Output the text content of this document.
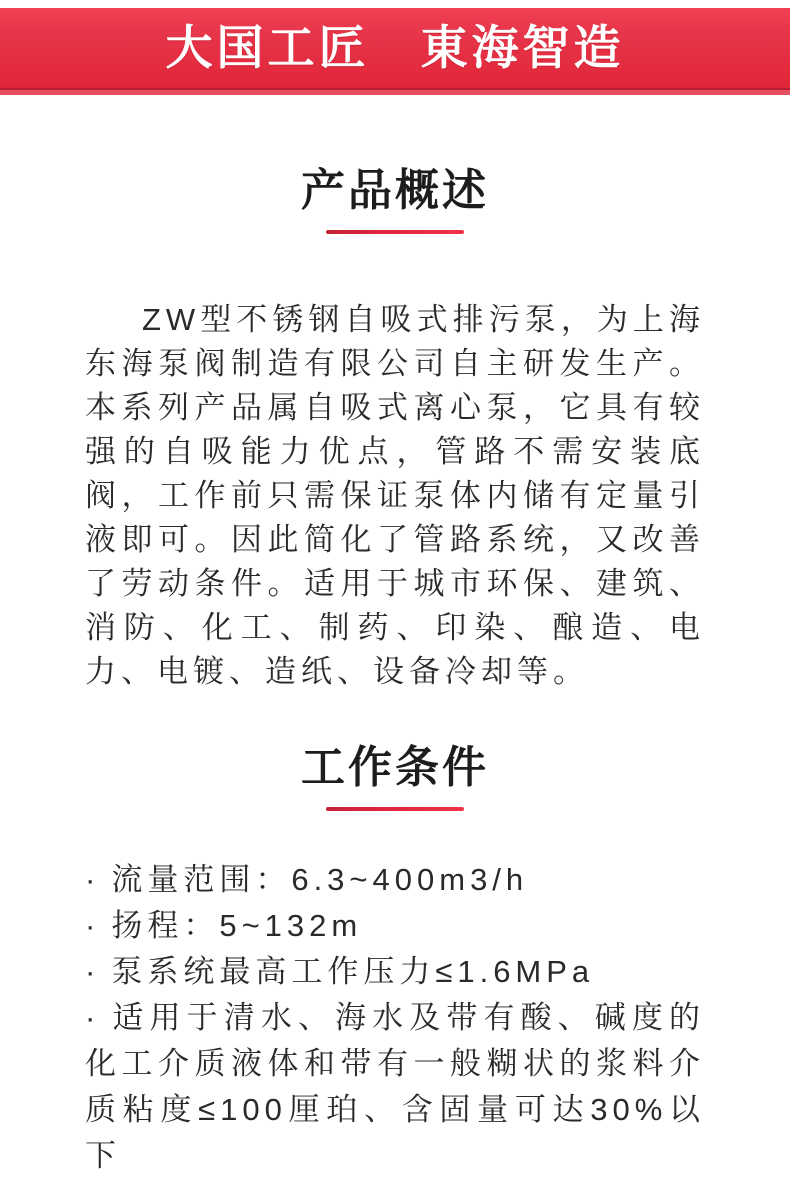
大国工匠　東海智造
产品概述

ZW型不锈钢自吸式排污泵，为上海东海泵阀制造有限公司自主研发生产。本系列产品属自吸式离心泵，它具有较强的自吸能力优点，管路不需安装底阀，工作前只需保证泵体内储有定量引液即可。因此简化了管路系统，又改善了劳动条件。适用于城市环保、建筑、消防、化工、制药、印染、酿造、电力、电镀、造纸、设备冷却等。

工作条件

· 流量范围：6.3~400m3/h

· 扬程：5~132m

· 泵系统最高工作压力≤1.6MPa

· 适用于清水、海水及带有酸、碱度的化工介质液体和带有一般糊状的浆料介质粘度≤100厘珀、含固量可达30%以下
